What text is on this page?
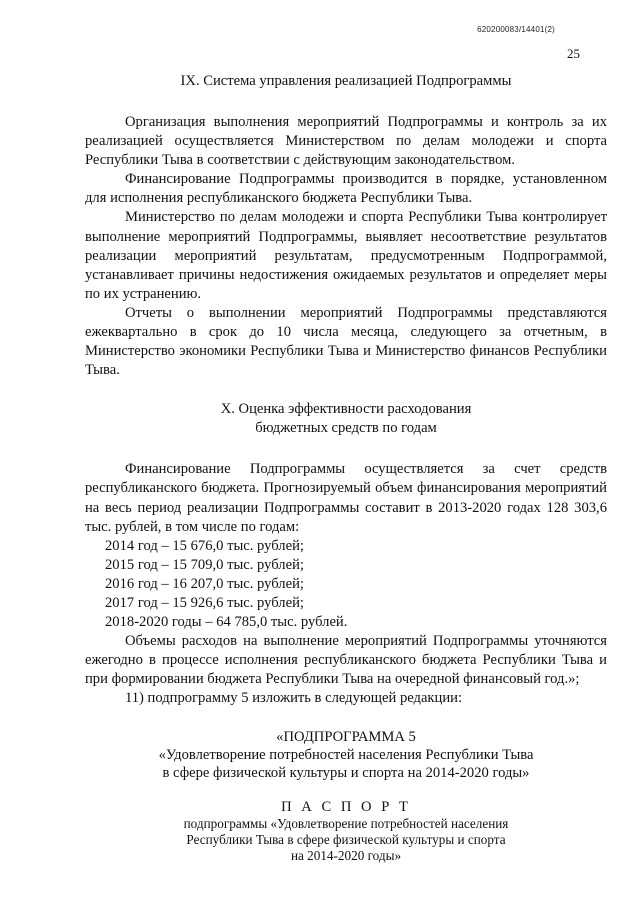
620200083/14401(2)
25

IX. Система управления реализацией Подпрограммы

Организация выполнения мероприятий Подпрограммы и контроль за их реализацией осуществляется Министерством по делам молодежи и спорта Республики Тыва в соответствии с действующим законодательством.

Финансирование Подпрограммы производится в порядке, установленном для исполнения республиканского бюджета Республики Тыва.

Министерство по делам молодежи и спорта Республики Тыва контролирует выполнение мероприятий Подпрограммы, выявляет несоответствие результатов реализации мероприятий результатам, предусмотренным Подпрограммой, устанавливает причины недостижения ожидаемых результатов и определяет меры по их устранению.

Отчеты о выполнении мероприятий Подпрограммы представляются ежеквартально в срок до 10 числа месяца, следующего за отчетным, в Министерство экономики Республики Тыва и Министерство финансов Республики Тыва.

X. Оценка эффективности расходования

бюджетных средств по годам

Финансирование Подпрограммы осуществляется за счет средств республиканского бюджета. Прогнозируемый объем финансирования мероприятий на весь период реализации Подпрограммы составит в 2013-2020 годах 128 303,6 тыс. рублей, в том числе по годам:

2014 год – 15 676,0 тыс. рублей;

2015 год – 15 709,0 тыс. рублей;

2016 год – 16 207,0 тыс. рублей;

2017 год – 15 926,6 тыс. рублей;

2018-2020 годы – 64 785,0 тыс. рублей.

Объемы расходов на выполнение мероприятий Подпрограммы уточняются ежегодно в процессе исполнения республиканского бюджета Республики Тыва и при формировании бюджета Республики Тыва на очередной финансовый год.»;

11) подпрограмму 5 изложить в следующей редакции:

«ПОДПРОГРАММА 5

«Удовлетворение потребностей населения Республики Тыва

в сфере физической культуры и спорта на 2014-2020 годы»

П А С П О Р Т

подпрограммы «Удовлетворение потребностей населения

Республики Тыва в сфере физической культуры и спорта

на 2014-2020 годы»
